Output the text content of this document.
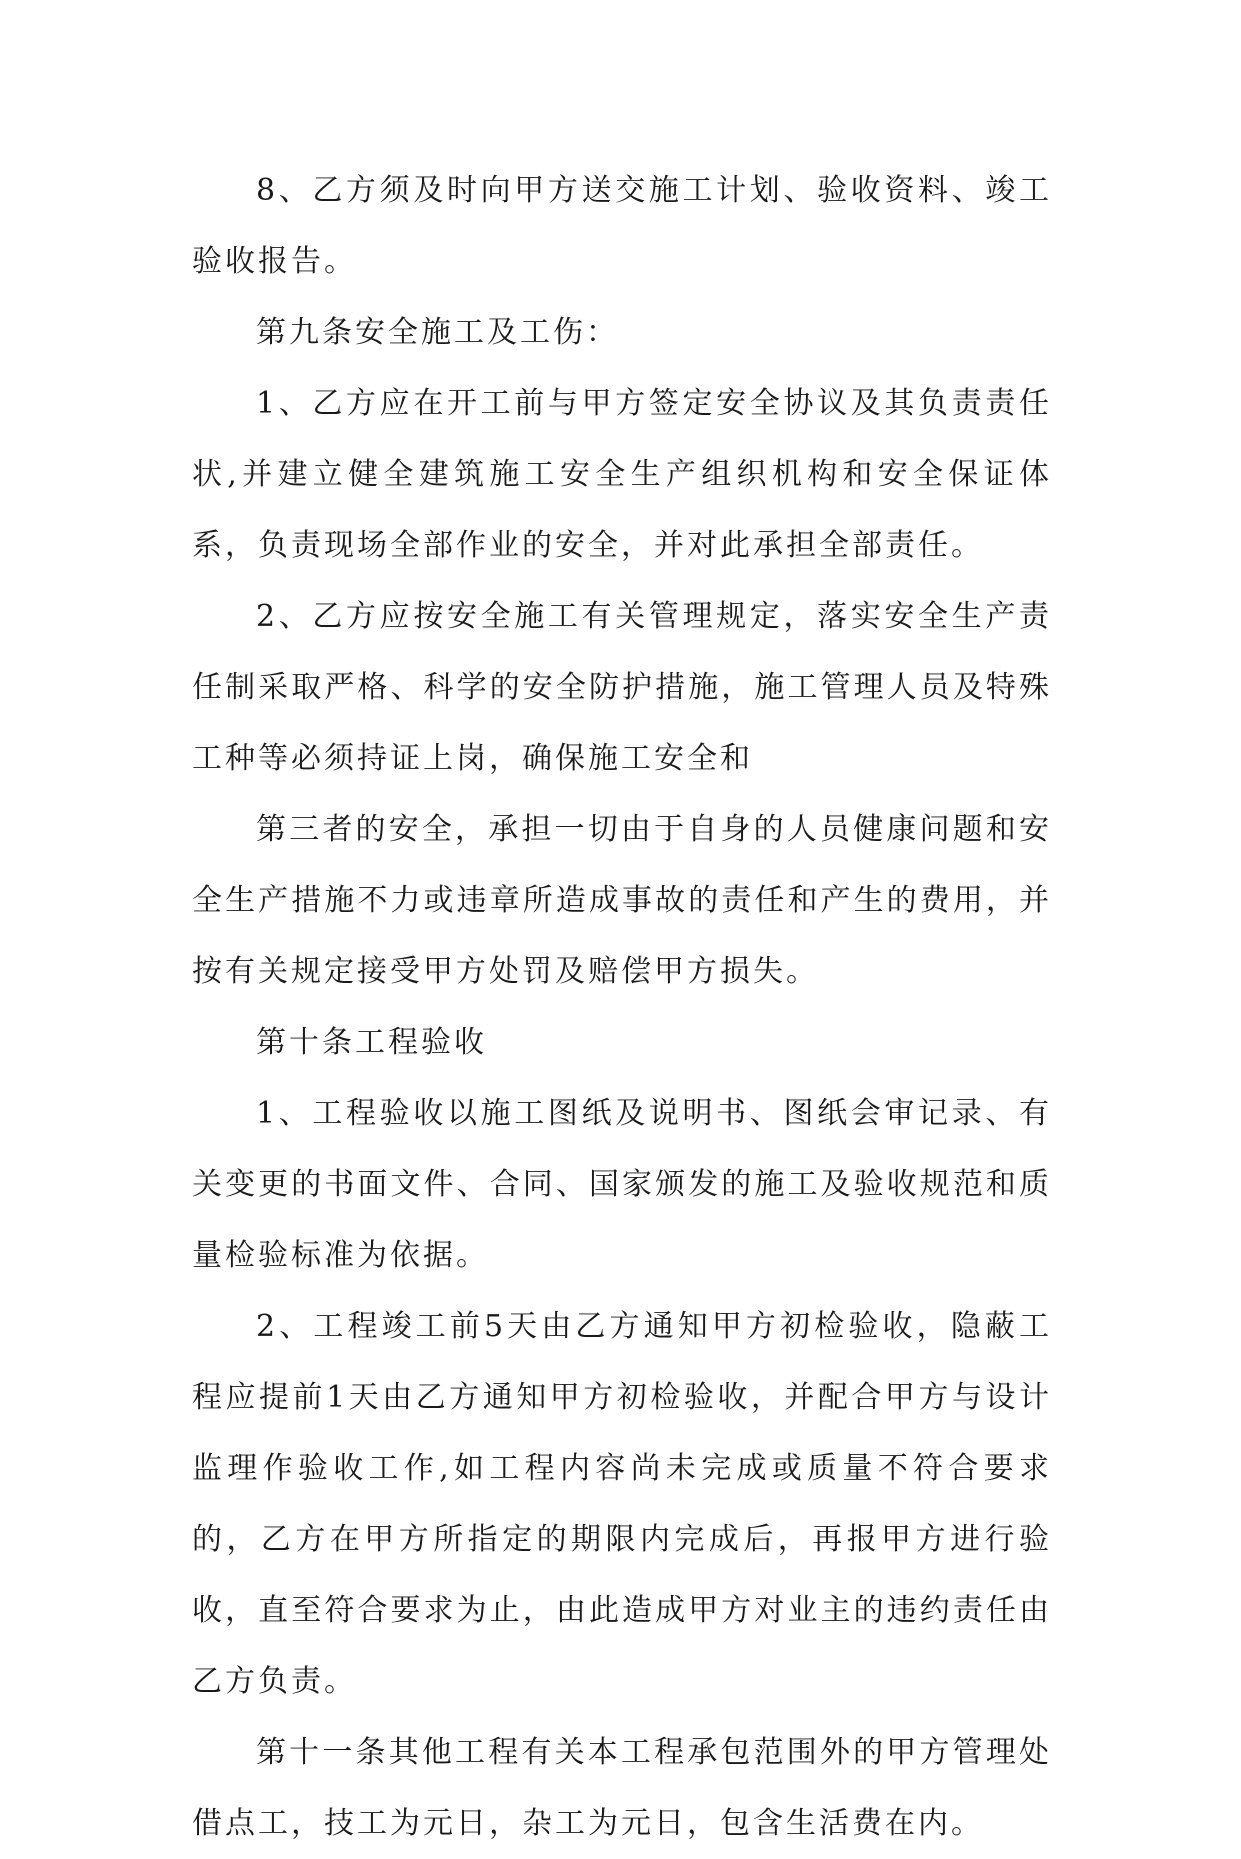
8、乙方须及时向甲方送交施工计划、验收资料、竣工验收报告。

第九条安全施工及工伤：

1、乙方应在开工前与甲方签定安全协议及其负责责任状,并建立健全建筑施工安全生产组织机构和安全保证体系，负责现场全部作业的安全，并对此承担全部责任。

2、乙方应按安全施工有关管理规定，落实安全生产责任制采取严格、科学的安全防护措施，施工管理人员及特殊工种等必须持证上岗，确保施工安全和

第三者的安全，承担一切由于自身的人员健康问题和安全生产措施不力或违章所造成事故的责任和产生的费用，并按有关规定接受甲方处罚及赔偿甲方损失。

第十条工程验收

1、工程验收以施工图纸及说明书、图纸会审记录、有关变更的书面文件、合同、国家颁发的施工及验收规范和质量检验标准为依据。

2、工程竣工前5天由乙方通知甲方初检验收，隐蔽工程应提前1天由乙方通知甲方初检验收，并配合甲方与设计监理作验收工作,如工程内容尚未完成或质量不符合要求的，乙方在甲方所指定的期限内完成后，再报甲方进行验收，直至符合要求为止，由此造成甲方对业主的违约责任由乙方负责。

第十一条其他工程有关本工程承包范围外的甲方管理处借点工，技工为元日，杂工为元日，包含生活费在内。
